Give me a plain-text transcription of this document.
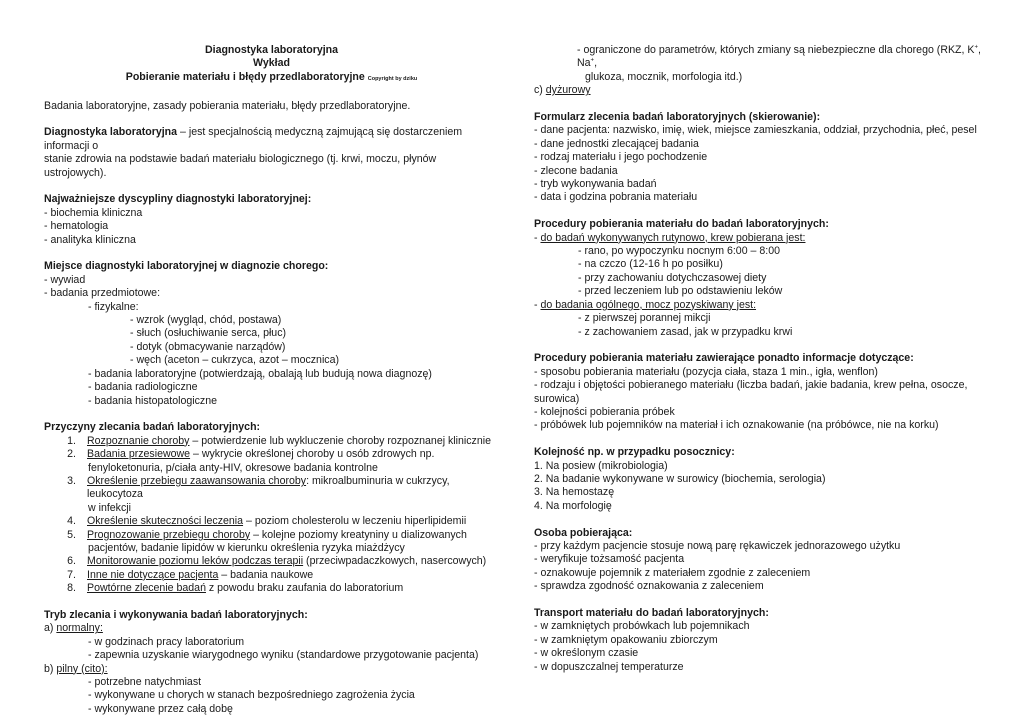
Diagnostyka laboratoryjna
Wykład
Pobieranie materiału i błędy przedlaboratoryjne Copyright by dziku
Badania laboratoryjne, zasady pobierania materiału, błędy przedlaboratoryjne.
Diagnostyka laboratoryjna – jest specjalnością medyczną zajmującą się dostarczeniem informacji o
stanie zdrowia na podstawie badań materiału biologicznego (tj. krwi, moczu, płynów ustrojowych).
Najważniejsze dyscypliny diagnostyki laboratoryjnej:
- biochemia kliniczna
- hematologia
- analityka kliniczna
Miejsce diagnostyki laboratoryjnej w diagnozie chorego:
- wywiad
- badania przedmiotowe:
- fizykalne:
- wzrok (wygląd, chód, postawa)
- słuch (osłuchiwanie serca, płuc)
- dotyk (obmacywanie narządów)
- węch (aceton – cukrzyca, azot – mocznica)
- badania laboratoryjne (potwierdzają, obalają lub budują nowa diagnozę)
- badania radiologiczne
- badania histopatologiczne
Przyczyny zlecania badań laboratoryjnych:
1.	Rozpoznanie choroby – potwierdzenie lub wykluczenie choroby rozpoznanej klinicznie
2.	Badania przesiewowe – wykrycie określonej choroby u osób zdrowych np.
fenyloketonuria, p/ciała anty-HIV, okresowe badania kontrolne
3.	Określenie przebiegu zaawansowania choroby: mikroalbuminuria w cukrzycy, leukocytoza
w infekcji
4.	Określenie skuteczności leczenia – poziom cholesterolu w leczeniu hiperlipidemii
5.	Prognozowanie przebiegu choroby – kolejne poziomy kreatyniny u dializowanych
pacjentów, badanie lipidów w kierunku określenia ryzyka miażdżycy
6.	Monitorowanie poziomu leków podczas terapii (przeciwpadaczkowych, nasercowych)
7.	Inne nie dotyczące pacjenta – badania naukowe
8.	Powtórne zlecenie badań z powodu braku zaufania do laboratorium
Tryb zlecania i wykonywania badań laboratoryjnych:
a) normalny:
- w godzinach pracy laboratorium
- zapewnia uzyskanie wiarygodnego wyniku (standardowe przygotowanie pacjenta)
b) pilny (cito):
- potrzebne natychmiast
- wykonywane u chorych w stanach bezpośredniego zagrożenia życia
- wykonywane przez całą dobę
- ograniczone do parametrów, których zmiany są niebezpieczne dla chorego (RKZ, K+, Na+,
glukoza, mocznik, morfologia itd.)
c) dyżurowy
Formularz zlecenia badań laboratoryjnych (skierowanie):
- dane pacjenta: nazwisko, imię, wiek, miejsce zamieszkania, oddział, przychodnia, płeć, pesel
- dane jednostki zlecającej badania
- rodzaj materiału i jego pochodzenie
- zlecone badania
- tryb wykonywania badań
- data i godzina pobrania materiału
Procedury pobierania materiału do badań laboratoryjnych:
- do badań wykonywanych rutynowo, krew pobierana jest:
- rano, po wypoczynku nocnym 6:00 – 8:00
- na czczo (12-16 h po posiłku)
- przy zachowaniu dotychczasowej diety
- przed leczeniem lub po odstawieniu leków
- do badania ogólnego, mocz pozyskiwany jest:
- z pierwszej porannej mikcji
- z zachowaniem zasad, jak w przypadku krwi
Procedury pobierania materiału zawierające ponadto informacje dotyczące:
- sposobu pobierania materiału (pozycja ciała, staza 1 min., igła, wenflon)
- rodzaju i objętości pobieranego materiału (liczba badań, jakie badania, krew pełna, osocze,
surowica)
- kolejności pobierania próbek
- próbówek lub pojemników na materiał i ich oznakowanie (na próbówce, nie na korku)
Kolejność np. w przypadku posocznicy:
1. Na posiew (mikrobiologia)
2. Na badanie wykonywane w surowicy (biochemia, serologia)
3. Na hemostazę
4. Na morfologię
Osoba pobierająca:
- przy każdym pacjencie stosuje nową parę rękawiczek jednorazowego użytku
- weryfikuje tożsamość pacjenta
- oznakowuje pojemnik z materiałem zgodnie z zaleceniem
- sprawdza zgodność oznakowania z zaleceniem
Transport materiału do badań laboratoryjnych:
- w zamkniętych probówkach lub pojemnikach
- w zamkniętym opakowaniu zbiorczym
- w określonym czasie
- w dopuszczalnej temperaturze
